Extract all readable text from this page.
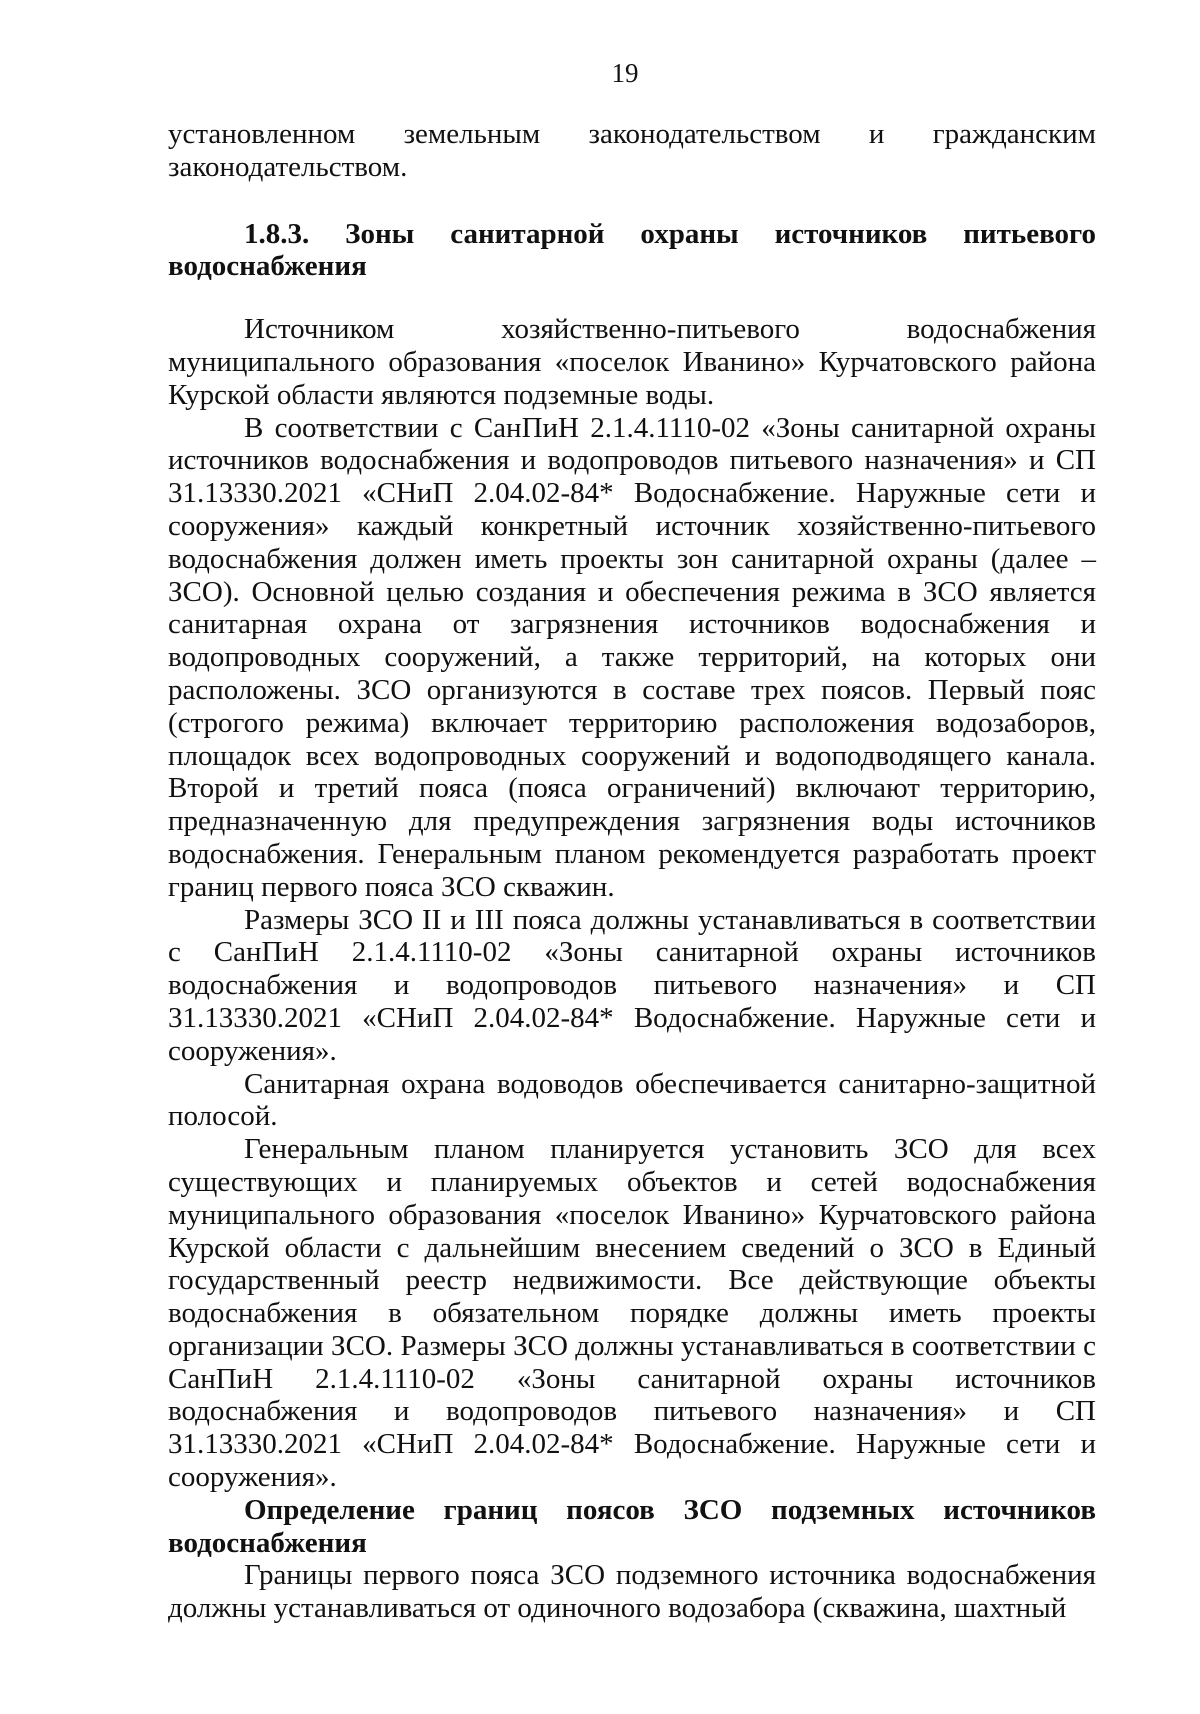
19

установленном земельным законодательством и гражданским законодательством.

1.8.3. Зоны санитарной охраны источников питьевого водоснабжения

Источником хозяйственно-питьевого водоснабжения муниципального образования «поселок Иванино» Курчатовского района Курской области являются подземные воды.

В соответствии с СанПиН 2.1.4.1110-02 «Зоны санитарной охраны источников водоснабжения и водопроводов питьевого назначения» и СП 31.13330.2021 «СНиП 2.04.02-84* Водоснабжение. Наружные сети и сооружения» каждый конкретный источник хозяйственно-питьевого водоснабжения должен иметь проекты зон санитарной охраны (далее – ЗСО). Основной целью создания и обеспечения режима в ЗСО является санитарная охрана от загрязнения источников водоснабжения и водопроводных сооружений, а также территорий, на которых они расположены. ЗСО организуются в составе трех поясов. Первый пояс (строгого режима) включает территорию расположения водозаборов, площадок всех водопроводных сооружений и водоподводящего канала. Второй и третий пояса (пояса ограничений) включают территорию, предназначенную для предупреждения загрязнения воды источников водоснабжения. Генеральным планом рекомендуется разработать проект границ первого пояса ЗСО скважин.

Размеры ЗСО II и III пояса должны устанавливаться в соответствии с СанПиН 2.1.4.1110-02 «Зоны санитарной охраны источников водоснабжения и водопроводов питьевого назначения» и СП 31.13330.2021 «СНиП 2.04.02-84* Водоснабжение. Наружные сети и сооружения».

Санитарная охрана водоводов обеспечивается санитарно-защитной полосой.

Генеральным планом планируется установить ЗСО для всех существующих и планируемых объектов и сетей водоснабжения муниципального образования «поселок Иванино» Курчатовского района Курской области с дальнейшим внесением сведений о ЗСО в Единый государственный реестр недвижимости. Все действующие объекты водоснабжения в обязательном порядке должны иметь проекты организации ЗСО. Размеры ЗСО должны устанавливаться в соответствии с СанПиН 2.1.4.1110-02 «Зоны санитарной охраны источников водоснабжения и водопроводов питьевого назначения» и СП 31.13330.2021 «СНиП 2.04.02-84* Водоснабжение. Наружные сети и сооружения».

Определение границ поясов ЗСО подземных источников водоснабжения

Границы первого пояса ЗСО подземного источника водоснабжения должны устанавливаться от одиночного водозабора (скважина, шахтный
